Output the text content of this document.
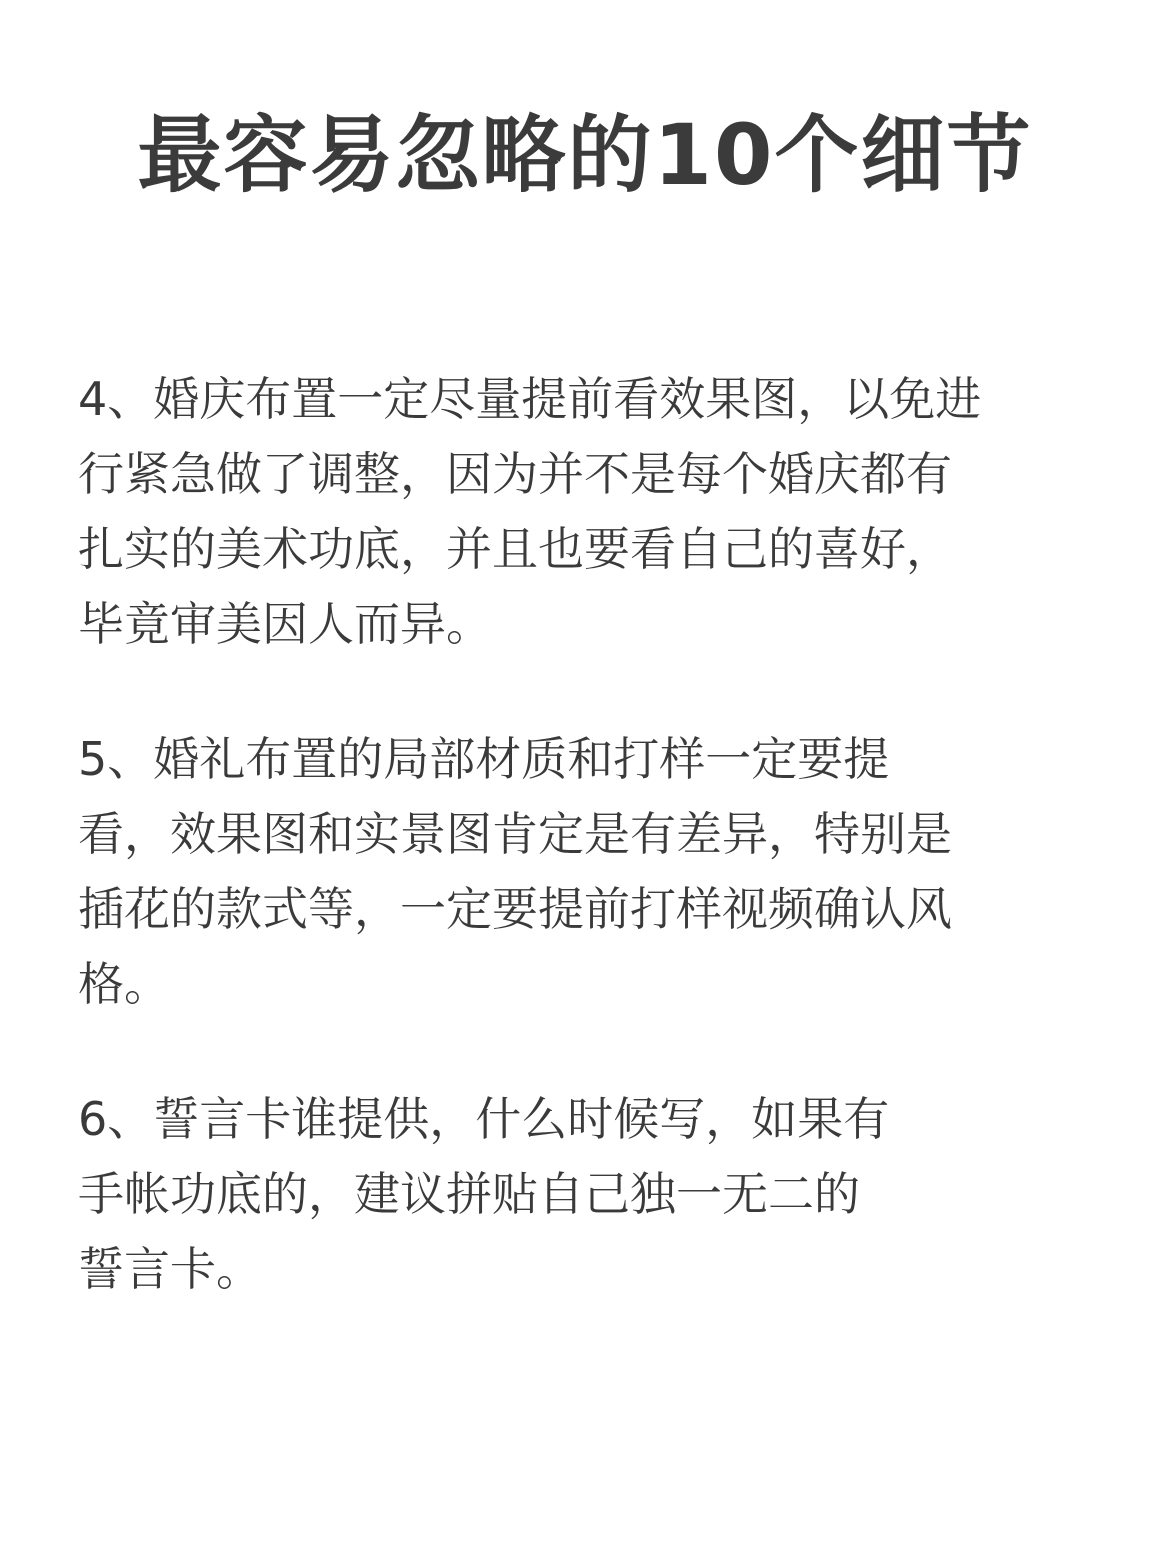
最容易忽略的10个细节
4、婚庆布置一定尽量提前看效果图，以免进
行紧急做了调整，因为并不是每个婚庆都有
扎实的美术功底，并且也要看自己的喜好，
毕竟审美因人而异。
5、婚礼布置的局部材质和打样一定要提
看，效果图和实景图肯定是有差异，特别是
插花的款式等，一定要提前打样视频确认风
格。
6、誓言卡谁提供，什么时候写，如果有
手帐功底的，建议拼贴自己独一无二的
誓言卡。
